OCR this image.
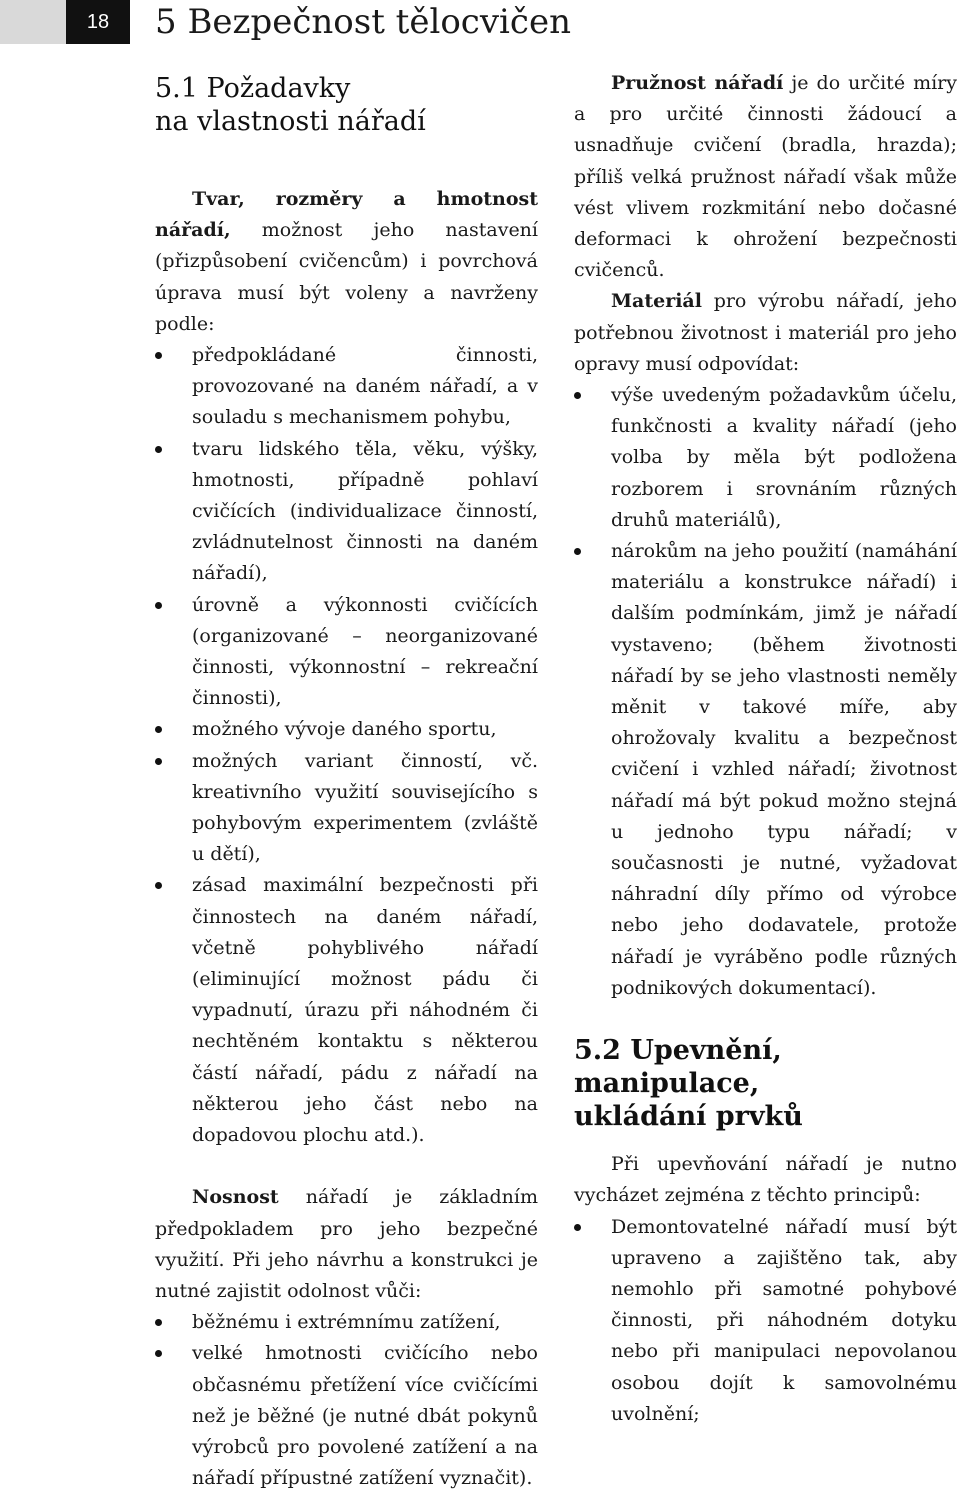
18	5 Bezpečnost tělocvičen
5.1 Požadavky
na vlastnosti nářadí

Tvar, rozměry a hmotnost nářadí, možnost jeho nastavení (přizpůsobení cvičencům) i povrchová úprava musí být voleny a navrženy podle:

předpokládané činnosti, provozované na daném nářadí, a v souladu s mechanismem pohybu,
tvaru lidského těla, věku, výšky, hmotnosti, případně pohlaví cvičících (individualizace činností, zvládnutelnost činnosti na daném nářadí),
úrovně a výkonnosti cvičících (organizované – neorganizované činnosti, výkonnostní – rekreační činnosti),
možného vývoje daného sportu,
možných variant činností, vč. kreativního využití souvisejícího s pohybovým experimentem (zvláště u dětí),
zásad maximální bezpečnosti při činnostech na daném nářadí, včetně pohyblivého nářadí (eliminující možnost pádu či vypadnutí, úrazu při náhodném či nechtěném kontaktu s některou částí nářadí, pádu z nářadí na některou jeho část nebo na dopadovou plochu atd.).

Nosnost nářadí je základním předpokladem pro jeho bezpečné využití. Při jeho návrhu a konstrukci je nutné zajistit odolnost vůči:

běžnému i extrémnímu zatížení,
velké hmotnosti cvičícího nebo občasnému přetížení více cvičícími než je běžné (je nutné dbát pokynů výrobců pro povolené zatížení a na nářadí přípustné zatížení vyznačit).

Pružnost nářadí je do určité míry a pro určité činnosti žádoucí a usnadňuje cvičení (bradla, hrazda); příliš velká pružnost nářadí však může vést vlivem rozkmitání nebo dočasné deformaci k ohrožení bezpečnosti cvičenců.

Materiál pro výrobu nářadí, jeho potřebnou životnost i materiál pro jeho opravy musí odpovídat:

výše uvedeným požadavkům účelu, funkčnosti a kvality nářadí (jeho volba by měla být podložena rozborem i srovnáním různých druhů materiálů),
nárokům na jeho použití (namáhání materiálu a konstrukce nářadí) i dalším podmínkám, jimž je nářadí vystaveno; (během životnosti nářadí by se jeho vlastnosti neměly měnit v takové míře, aby ohrožovaly kvalitu a bezpečnost cvičení i vzhled nářadí; životnost nářadí má být pokud možno stejná u jednoho typu nářadí; v současnosti je nutné, vyžadovat náhradní díly přímo od výrobce nebo jeho dodavatele, protože nářadí je vyráběno podle různých podnikových dokumentací).
5.2 Upevnění, manipulace,
ukládání prvků

Při upevňování nářadí je nutno vycházet zejména z těchto principů:

Demontovatelné nářadí musí být upraveno a zajištěno tak, aby nemohlo při samotné pohybové činnosti, při náhodném dotyku nebo při manipulaci nepovolanou osobou dojít k samovolnému uvolnění;
